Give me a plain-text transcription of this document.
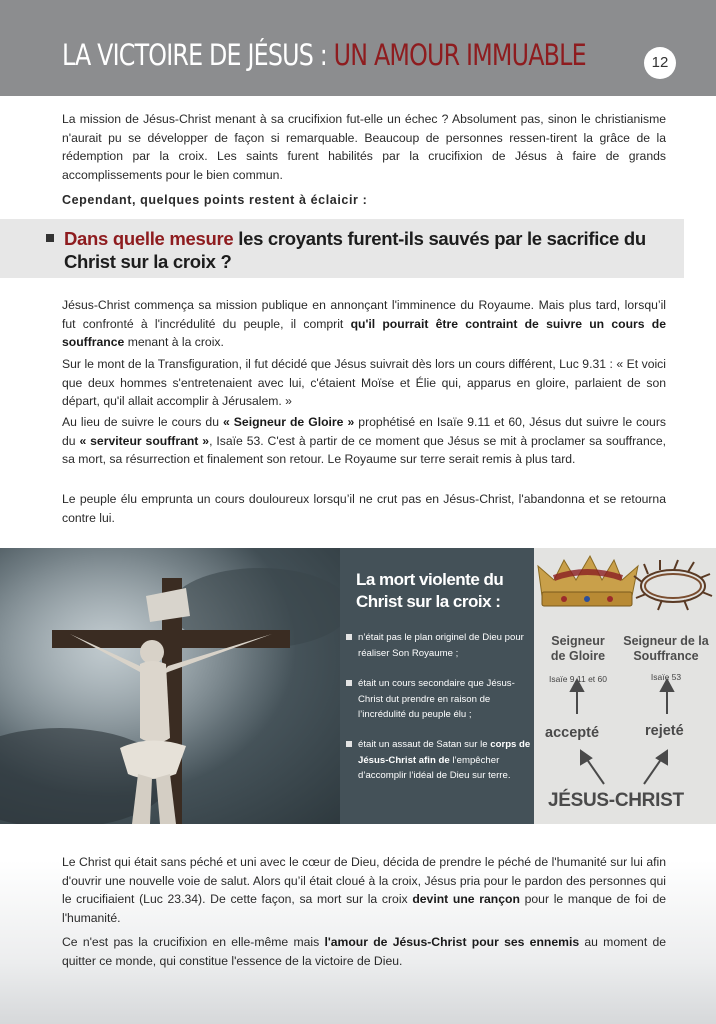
LA VICTOIRE DE JÉSUS : UN AMOUR IMMUABLE	12

La mission de Jésus-Christ menant à sa crucifixion fut-elle un échec ? Absolument pas, sinon le christianisme n'aurait pu se développer de façon si remarquable. Beaucoup de personnes ressen-tirent la grâce de la rédemption par la croix. Les saints furent habilités par la crucifixion de Jésus à faire de grands accomplissements pour le bien commun.

Cependant, quelques points restent à éclaicir :
Dans quelle mesure les croyants furent-ils sauvés par le sacrifice du Christ sur la croix ?

Jésus-Christ commença sa mission publique en annonçant l'imminence du Royaume. Mais plus tard, lorsqu’il fut confronté à l'incrédulité du peuple, il comprit qu'il pourrait être contraint de suivre un cours de souffrance menant à la croix.

Sur le mont de la Transfiguration, il fut décidé que Jésus suivrait dès lors un cours différent, Luc 9.31 : « Et voici que deux hommes s'entretenaient avec lui, c'étaient Moïse et Élie qui, apparus en gloire, parlaient de son départ, qu'il allait accomplir à Jérusalem. »

Au lieu de suivre le cours du « Seigneur de Gloire » prophétisé en Isaïe 9.11 et 60, Jésus dut suivre le cours du « serviteur souffrant », Isaïe 53. C'est à partir de ce moment que Jésus se mit à proclamer sa souffrance, sa mort, sa résurrection et finalement son retour. Le Royaume sur terre serait remis à plus tard.

Le peuple élu emprunta un cours douloureux lorsqu’il ne crut pas en Jésus-Christ, l'abandonna et se retourna contre lui.

La mort violente du Christ sur la croix :
n’était pas le plan originel de Dieu pour réaliser Son Royaume ;
était un cours secondaire que Jésus-Christ dut prendre en raison de l’incrédulité du peuple élu ;
était un assaut de Satan sur le corps de Jésus-Christ afin de l’empêcher d’accomplir l’idéal de Dieu sur terre.
Seigneur de Gloire
Seigneur de la Souffrance
Isaïe 9.11 et 60	Isaïe 53
accepté	rejeté
JÉSUS-CHRIST

Le Christ qui était sans péché et uni avec le cœur de Dieu, décida de prendre le péché de l'humanité sur lui afin d'ouvrir une nouvelle voie de salut. Alors qu’il était cloué à la croix, Jésus pria pour le pardon des personnes qui le crucifiaient (Luc 23.34). De cette façon, sa mort sur la croix devint une rançon pour le manque de foi de l'humanité.

Ce n'est pas la crucifixion en elle-même mais l'amour de Jésus-Christ pour ses ennemis au moment de quitter ce monde, qui constitue l'essence de la victoire de Dieu.
